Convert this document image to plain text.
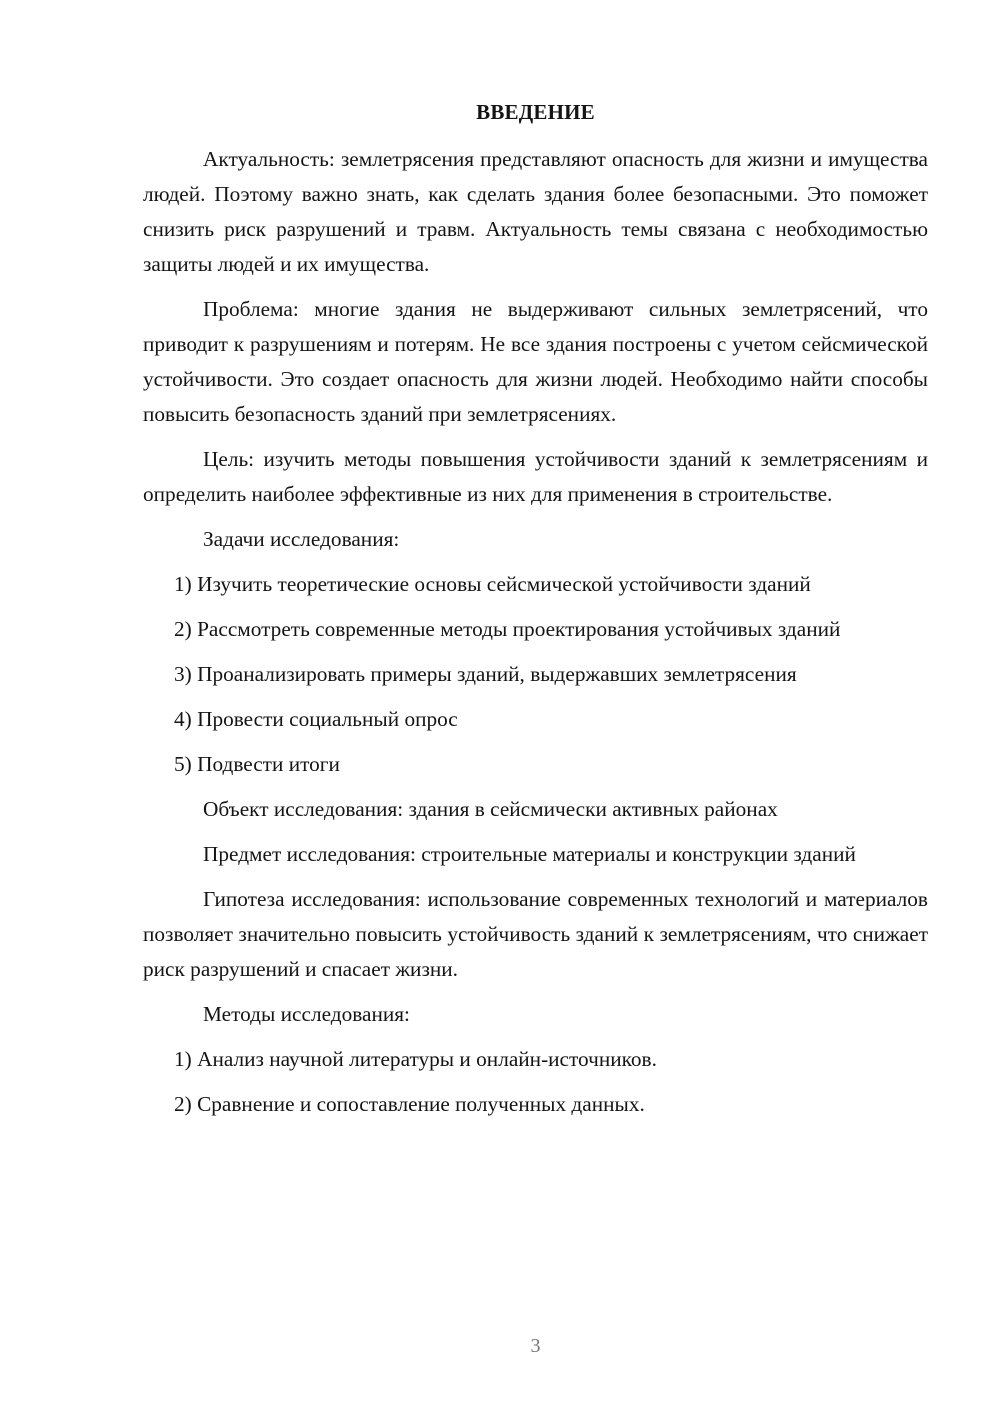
ВВЕДЕНИЕ

Актуальность: землетрясения представляют опасность для жизни и имущества людей. Поэтому важно знать, как сделать здания более безопасными. Это поможет снизить риск разрушений и травм. Актуальность темы связана с необходимостью защиты людей и их имущества.

Проблема: многие здания не выдерживают сильных землетрясений, что приводит к разрушениям и потерям. Не все здания построены с учетом сейсмической устойчивости. Это создает опасность для жизни людей. Необходимо найти способы повысить безопасность зданий при землетрясениях.

Цель: изучить методы повышения устойчивости зданий к землетрясениям и определить наиболее эффективные из них для применения в строительстве.

Задачи исследования:

1) Изучить теоретические основы сейсмической устойчивости зданий

2) Рассмотреть современные методы проектирования устойчивых зданий

3) Проанализировать примеры зданий, выдержавших землетрясения

4) Провести социальный опрос

5) Подвести итоги

Объект исследования: здания в сейсмически активных районах

Предмет исследования: строительные материалы и конструкции зданий

Гипотеза исследования: использование современных технологий и материалов позволяет значительно повысить устойчивость зданий к землетрясениям, что снижает риск разрушений и спасает жизни.

Методы исследования:

1) Анализ научной литературы и онлайн-источников.

2) Сравнение и сопоставление полученных данных.

3
